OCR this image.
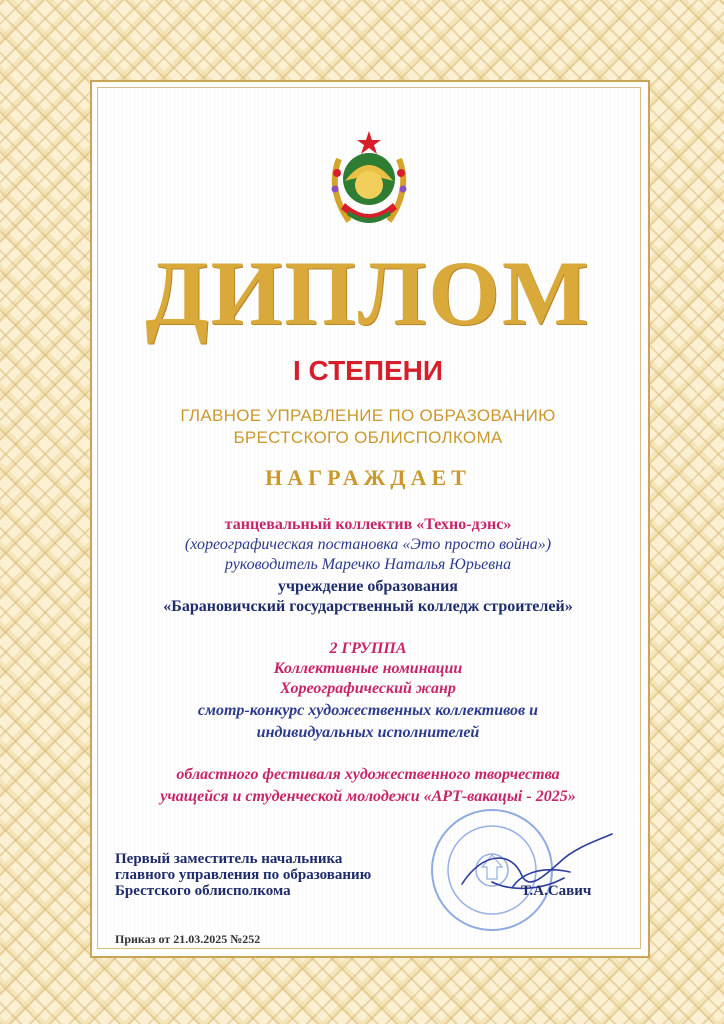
ДИПЛОМ
I СТЕПЕНИ
ГЛАВНОЕ УПРАВЛЕНИЕ ПО ОБРАЗОВАНИЮ
БРЕСТСКОГО ОБЛИСПОЛКОМА
НАГРАЖДАЕТ
танцевальный коллектив «Техно-дэнс»
(хореографическая постановка «Это просто война»)
руководитель Маречко Наталья Юрьевна
учреждение образования
«Барановичский государственный колледж строителей»
2 ГРУППА
Коллективные номинации
Хореографический жанр
смотр-конкурс художественных коллективов и
индивидуальных исполнителей
областного фестиваля художественного творчества
учащейся и студенческой молодежи «АРТ-вакацыі - 2025»
Первый заместитель начальника
главного управления по образованию
Брестского облисполкома	Т.А.Савич
Приказ от 21.03.2025 №252
